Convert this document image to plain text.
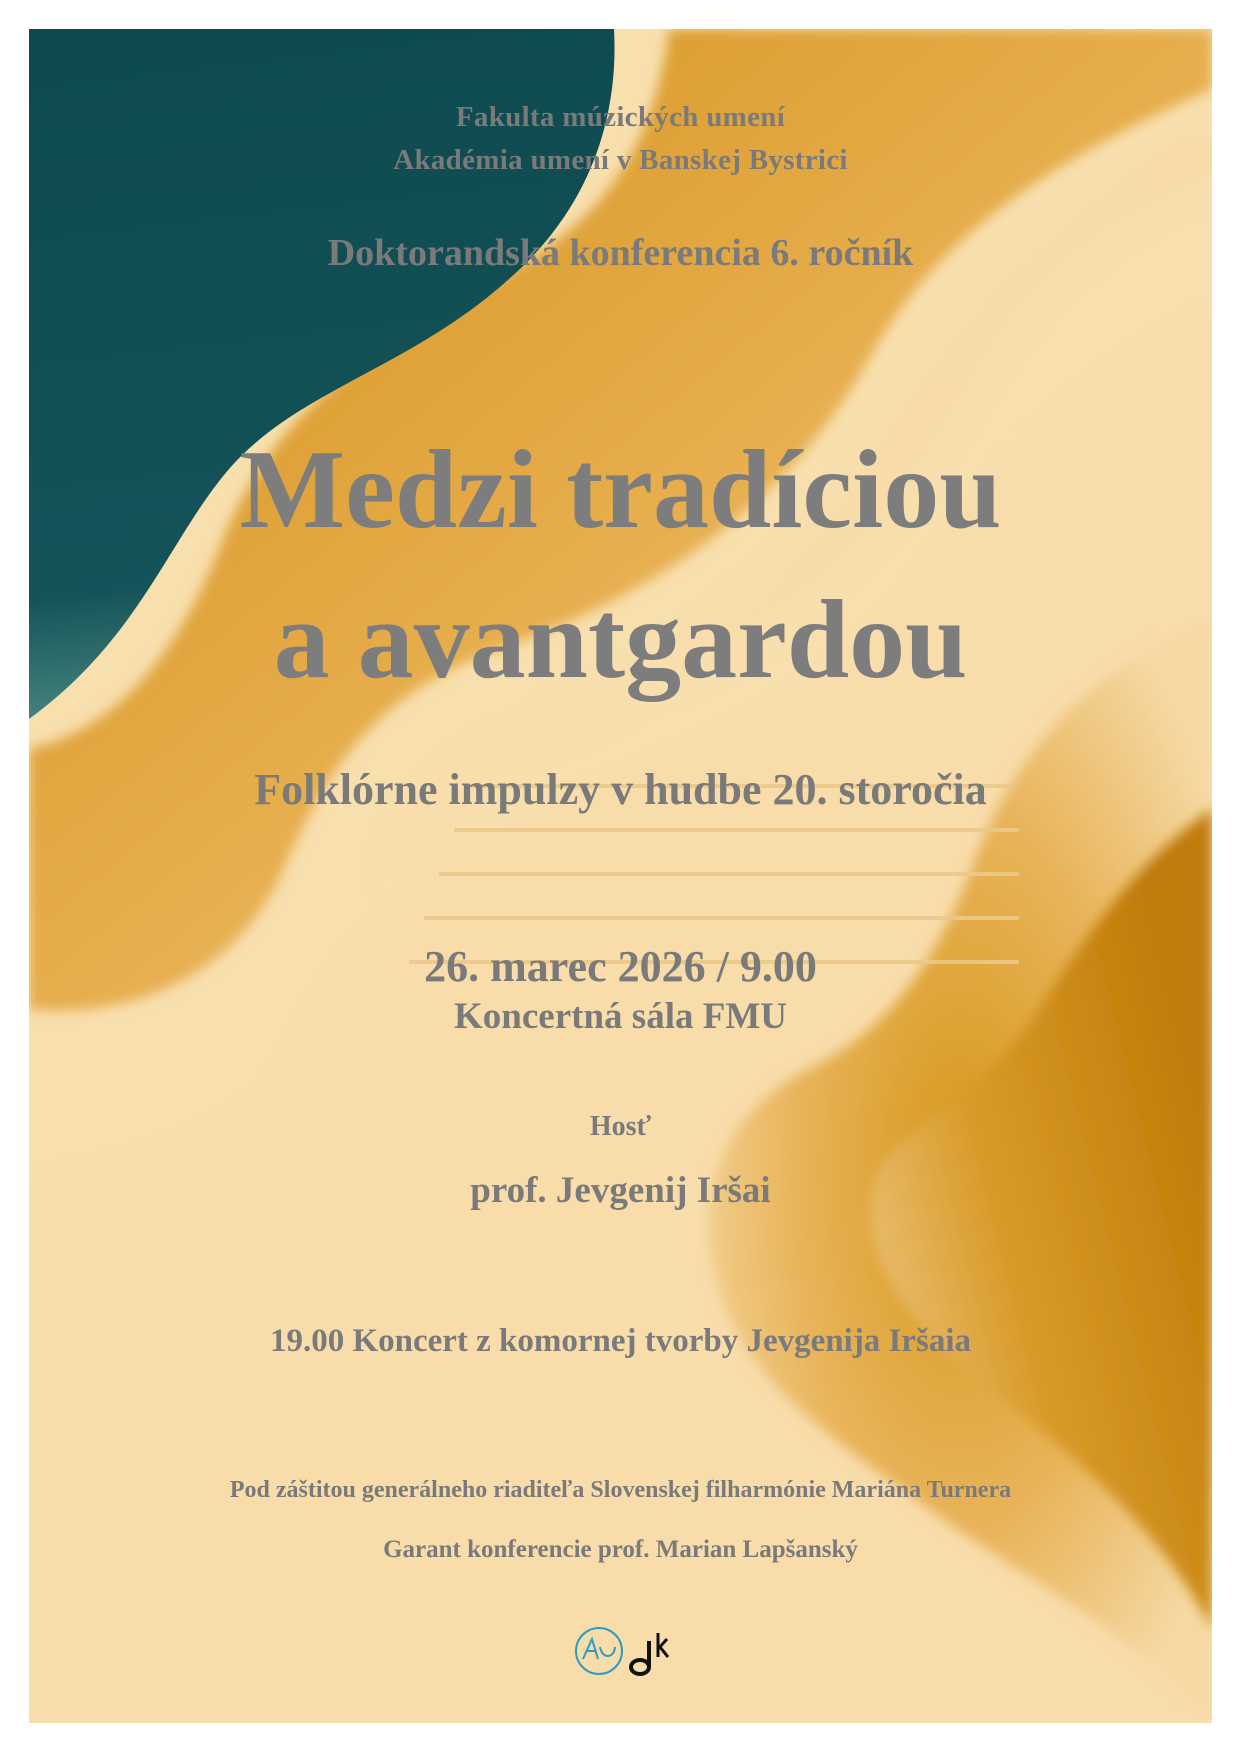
Fakulta múzických umení
Akadémia umení v Banskej Bystrici
Doktorandská konferencia 6. ročník
Medzi tradíciou
a avantgardou
Folklórne impulzy v hudbe 20. storočia
26. marec 2026 / 9.00
Koncertná sála FMU
Hosť
prof. Jevgenij Iršai
19.00 Koncert z komornej tvorby Jevgenija Iršaia
Pod záštitou generálneho riaditeľa Slovenskej filharmónie Mariána Turnera
Garant konferencie prof. Marian Lapšanský
